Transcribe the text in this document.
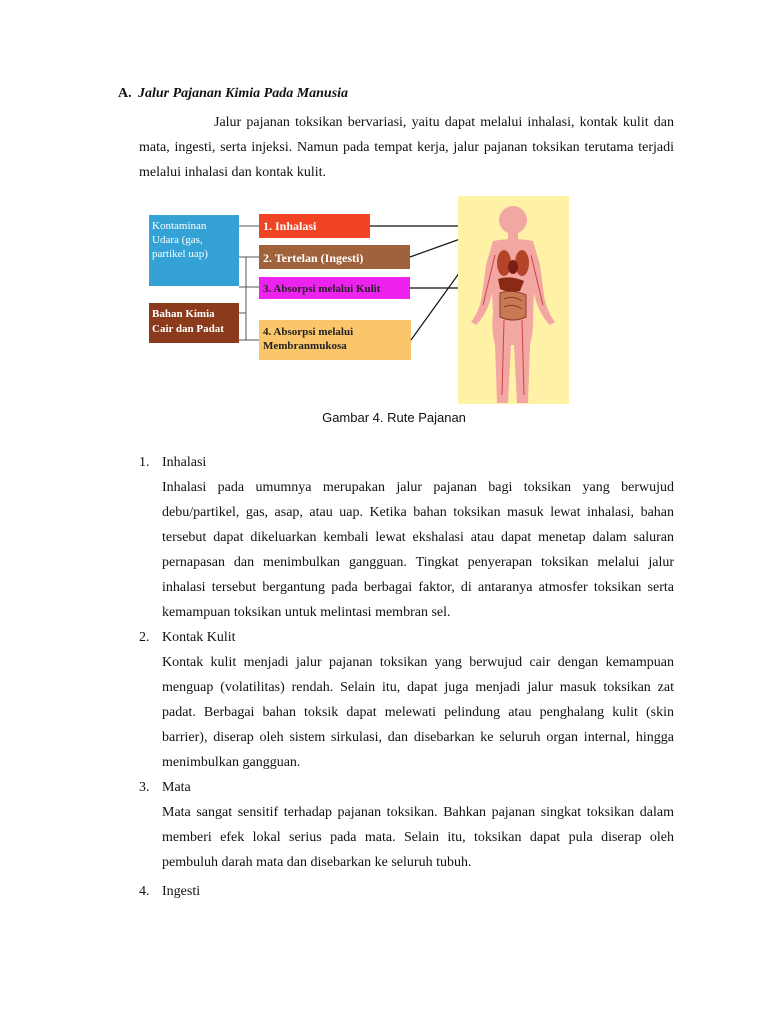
A. Jalur Pajanan Kimia Pada Manusia

Jalur pajanan toksikan bervariasi, yaitu dapat melalui inhalasi, kontak kulit dan mata, ingesti, serta injeksi. Namun pada tempat kerja, jalur pajanan toksikan terutama terjadi melalui inhalasi dan kontak kulit.

Kontaminan
Udara (gas,
partikel uap)
Bahan Kimia
Cair dan Padat
1. Inhalasi
2. Tertelan (Ingesti)
3. Absorpsi melalui Kulit
4. Absorpsi melalui
Membranmukosa
Gambar 4. Rute Pajanan
1. Inhalasi
Inhalasi pada umumnya merupakan jalur pajanan bagi toksikan yang berwujud debu/partikel, gas, asap, atau uap. Ketika bahan toksikan masuk lewat inhalasi, bahan tersebut dapat dikeluarkan kembali lewat ekshalasi atau dapat menetap dalam saluran pernapasan dan menimbulkan gangguan. Tingkat penyerapan toksikan melalui jalur inhalasi tersebut bergantung pada berbagai faktor, di antaranya atmosfer toksikan serta kemampuan toksikan untuk melintasi membran sel.
2. Kontak Kulit
Kontak kulit menjadi jalur pajanan toksikan yang berwujud cair dengan kemampuan menguap (volatilitas) rendah. Selain itu, dapat juga menjadi jalur masuk toksikan zat padat. Berbagai bahan toksik dapat melewati pelindung atau penghalang kulit (skin barrier), diserap oleh sistem sirkulasi, dan disebarkan ke seluruh organ internal, hingga menimbulkan gangguan.
3. Mata
Mata sangat sensitif terhadap pajanan toksikan. Bahkan pajanan singkat toksikan dalam memberi efek lokal serius pada mata. Selain itu, toksikan dapat pula diserap oleh pembuluh darah mata dan disebarkan ke seluruh tubuh.
4. Ingesti
